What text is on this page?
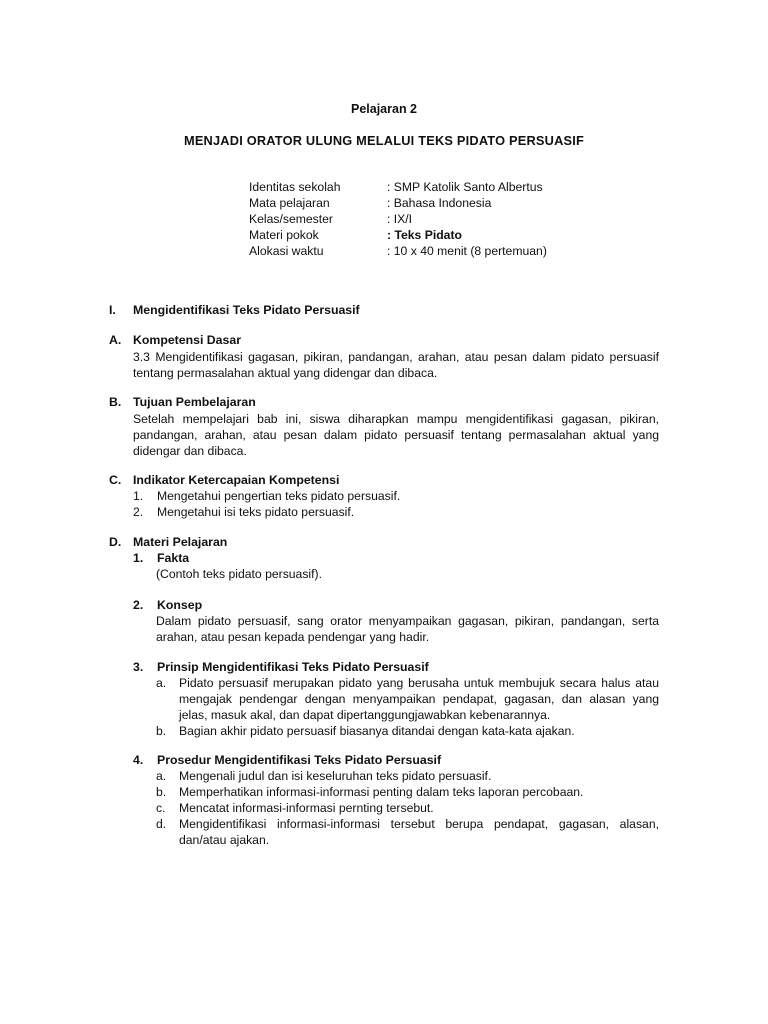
Pelajaran 2

MENJADI ORATOR ULUNG MELALUI TEKS PIDATO PERSUASIF

Identitas sekolah	: SMP Katolik Santo Albertus
Mata pelajaran	: Bahasa Indonesia
Kelas/semester	: IX/I
Materi pokok	: Teks Pidato
Alokasi waktu	: 10 x 40 menit (8 pertemuan)
I. Mengidentifikasi Teks Pidato Persuasif
A. Kompetensi Dasar

3.3 Mengidentifikasi gagasan, pikiran, pandangan, arahan, atau pesan dalam pidato persuasif tentang permasalahan aktual yang didengar dan dibaca.

B. Tujuan Pembelajaran

Setelah mempelajari bab ini, siswa diharapkan mampu mengidentifikasi gagasan, pikiran, pandangan, arahan, atau pesan dalam pidato persuasif tentang permasalahan aktual yang didengar dan dibaca.

C. Indikator Ketercapaian Kompetensi
1.	Mengetahui pengertian teks pidato persuasif.
2.	Mengetahui isi teks pidato persuasif.
D. Materi Pelajaran
1. Fakta

(Contoh teks pidato persuasif).

2. Konsep

Dalam pidato persuasif, sang orator menyampaikan gagasan, pikiran, pandangan, serta arahan, atau pesan kepada pendengar yang hadir.

3. Prinsip Mengidentifikasi Teks Pidato Persuasif
a.	Pidato persuasif merupakan pidato yang berusaha untuk membujuk secara halus atau mengajak pendengar dengan menyampaikan pendapat, gagasan, dan alasan yang jelas, masuk akal, dan dapat dipertanggungjawabkan kebenarannya.
b.	Bagian akhir pidato persuasif biasanya ditandai dengan kata-kata ajakan.
4. Prosedur Mengidentifikasi Teks Pidato Persuasif
a.	Mengenali judul dan isi keseluruhan teks pidato persuasif.
b.	Memperhatikan informasi-informasi penting dalam teks laporan percobaan.
c.	Mencatat informasi-informasi pernting tersebut.
d.	Mengidentifikasi informasi-informasi tersebut berupa pendapat, gagasan, alasan, dan/atau ajakan.
